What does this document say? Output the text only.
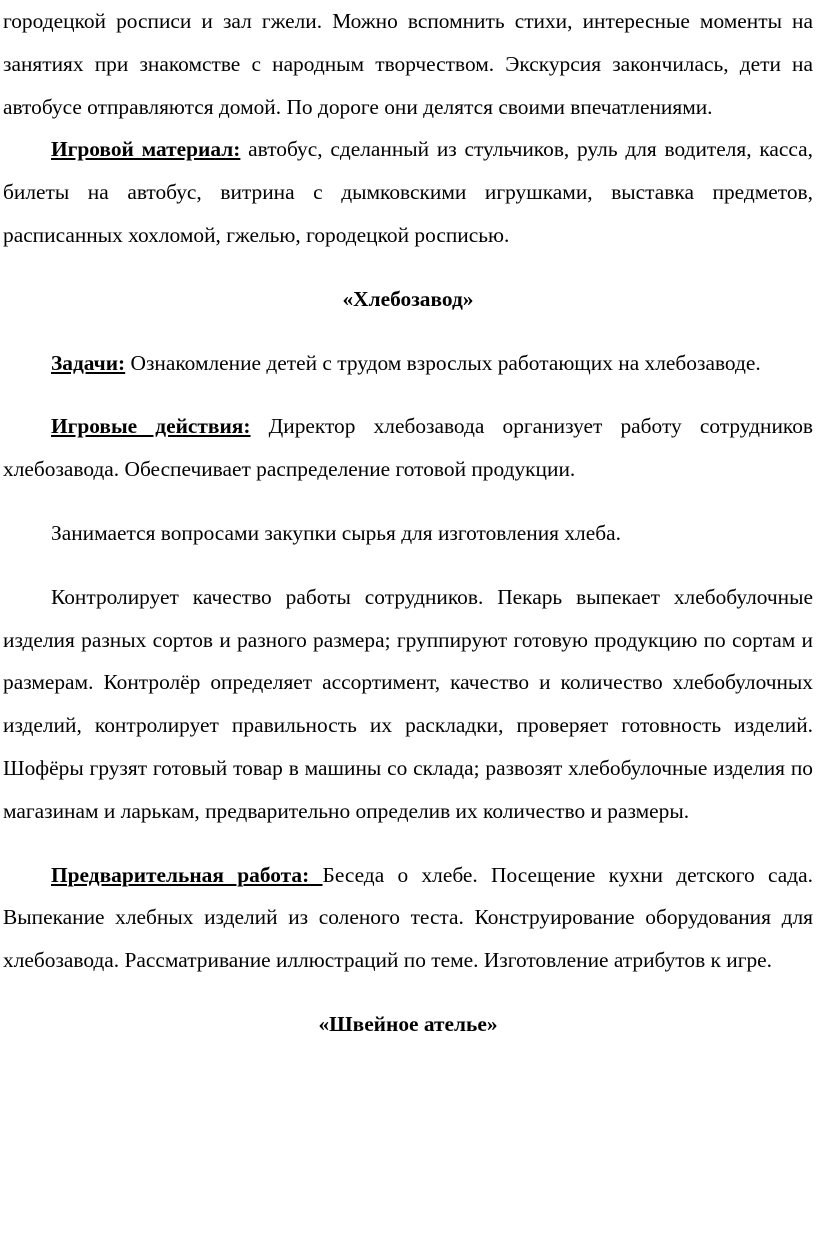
городецкой росписи и зал гжели. Можно вспомнить стихи, интересные моменты на занятиях при знакомстве с народным творчеством. Экскурсия закончилась, дети на автобусе отправляются домой. По дороге они делятся своими впечатлениями.

Игровой материал: автобус, сделанный из стульчиков, руль для водителя, касса, билеты на автобус, витрина с дымковскими игрушками, выставка предметов, расписанных хохломой, гжелью, городецкой росписью.

«Хлебозавод»

Задачи: Ознакомление детей с трудом взрослых работающих на хлебозаводе.

Игровые действия: Директор хлебозавода организует работу сотрудников хлебозавода. Обеспечивает распределение готовой продукции.

Занимается вопросами закупки сырья для изготовления хлеба.

Контролирует качество работы сотрудников. Пекарь выпекает хлебобулочные изделия разных сортов и разного размера; группируют готовую продукцию по сортам и размерам. Контролёр определяет ассортимент, качество и количество хлебобулочных изделий, контролирует правильность их раскладки, проверяет готовность изделий. Шофёры грузят готовый товар в машины со склада; развозят хлебобулочные изделия по магазинам и ларькам, предварительно определив их количество и размеры.

Предварительная работа: Беседа о хлебе. Посещение кухни детского сада. Выпекание хлебных изделий из соленого теста. Конструирование оборудования для хлебозавода. Рассматривание иллюстраций по теме. Изготовление атрибутов к игре.

«Швейное ателье»
